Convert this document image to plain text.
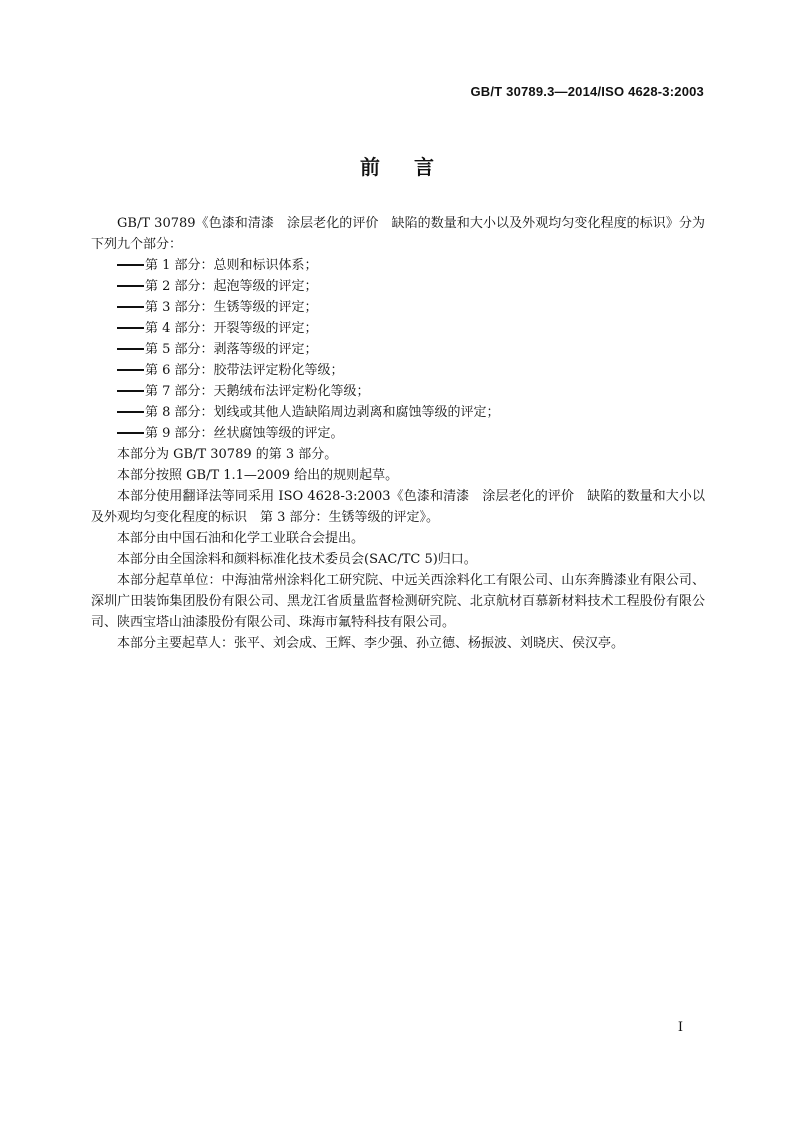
GB/T 30789.3—2014/ISO 4628-3:2003
前言

GB/T 30789《色漆和清漆　涂层老化的评价　缺陷的数量和大小以及外观均匀变化程度的标识》分为下列九个部分：

第 1 部分：总则和标识体系；
第 2 部分：起泡等级的评定；
第 3 部分：生锈等级的评定；
第 4 部分：开裂等级的评定；
第 5 部分：剥落等级的评定；
第 6 部分：胶带法评定粉化等级；
第 7 部分：天鹅绒布法评定粉化等级；
第 8 部分：划线或其他人造缺陷周边剥离和腐蚀等级的评定；
第 9 部分：丝状腐蚀等级的评定。

本部分为 GB/T 30789 的第 3 部分。

本部分按照 GB/T 1.1—2009 给出的规则起草。

本部分使用翻译法等同采用 ISO 4628-3:2003《色漆和清漆　涂层老化的评价　缺陷的数量和大小以及外观均匀变化程度的标识　第 3 部分：生锈等级的评定》。

本部分由中国石油和化学工业联合会提出。

本部分由全国涂料和颜料标准化技术委员会(SAC/TC 5)归口。

本部分起草单位：中海油常州涂料化工研究院、中远关西涂料化工有限公司、山东奔腾漆业有限公司、深圳广田装饰集团股份有限公司、黑龙江省质量监督检测研究院、北京航材百慕新材料技术工程股份有限公司、陕西宝塔山油漆股份有限公司、珠海市氟特科技有限公司。

本部分主要起草人：张平、刘会成、王辉、李少强、孙立德、杨振波、刘晓庆、侯汉亭。

I
